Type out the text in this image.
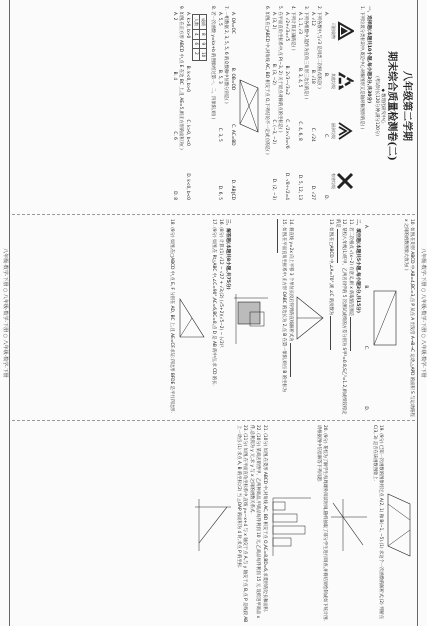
八年级·数学·下册 ○ 八年级·数学·下册 ○ 八年级·数学·下册
八年级·数学·下册 ○ 八年级·数学·下册 ○ 八年级·数学·下册
八年级第二学期
期末综合质量检测卷(二)
◆ 数理化研究中心
(考试时长120分钟,满分120分)
一、选择题(本题共10小题,每小题3分,共30分)
1. 下列垃圾分类标识中,既是中心对称图形又是轴对称图形的是( )
可回收物
其他垃圾
厨余垃圾
有害垃圾
A.
B.
C.
D.
2. 下列各数中,与√3 是同类二次根式的是( )
A. √12
B. √18
C. √24
D. √27
3. 下列各组数中,能作为直角三角形三边长的是( )
A. 1, 1, √3
B. 3, 4, 5
C. 4, 6, 8
D. 5, 12, 13
4. 下列计算正确的是( )
A. √2+√3=√5
B. 2√3−√3=2
C. √2×√3=√6
D. √8÷√2=4
5. 在平面直角坐标系中,点 P(−3, 2) 关于原点对称的点的坐标是( )
A. (3, 2)
B. (3, −2)
C. (−3, −2)
D. (2, −3)
6. 如图,在□ABCD 中,对角线 AC, BD 相交于点 O,下列结论不一定成立的是( )
A. OA=OC
B. OB=OD
C. AC=BD
D. AB∥CD
7. 一组数据 2, 3, 5, 5, 6 的众数和中位数分别是( )
A. 5, 5
B. 5, 3
C. 3, 5
D. 6, 5
8. 若一次函数 y=kx+b 的图象经过第一、二、四象限,则( )
成绩	8	9	10
人数	4	6	2
A. k>0, b>0
B. k<0, b>0
C. k>0, b<0
D. k<0, b<0
9. 如图,在正方形 ABCD 中,点 E 在边 BC 上,且 AE=5,则正方形的面积为( )
A. 2
B. 4
C. 6
D. 8
10. 如图,在矩形 ABCD 中,AB=4,BC=3,点 P 从点 A 出发沿 A→B→C 运动,△APD 的面积 S 与运动路程 x 之间的函数图象大致为( )
A.
B.
C.
D.
二、填空题(本题共5小题,每小题3分,共15分)
11. 若二次根式 √(x−2) 有意义,则 x 的取值范围是
12. 某校八年级(1)班甲、乙两名同学的 5 次测试成绩的方差分别为 S甲²=0.8,S乙²=1.2,则成绩较稳定的是
13. 如图,在□ABCD 中,∠A=70°,则 ∠C 的度数为
14. 将直线 y=2x 向上平移 3 个单位长度后得到的直线解析式为
15. 如图,在平面直角坐标系中,正方形 OABC 的边长为 2,点 B 在第一象限,则点 B 的坐标为
三、解答题(本题共8小题,共75分)
16. (8分) 计算:(1) √12 − √27 + √3;(2) (√5+2)(√5−2) − (√2)².
17. (9分) 如图,在 Rt△ABC 中,∠C=90°,AC=6,BC=8,点 D 是 AB 的中点,求 CD 的长.
18. (9分) 如图,在□ABCD 中,点 E, F 分别在 AD, BC 上,且 AE=CF.求证:四边形 BFDE 是平行四边形.
19. (9分) 已知一次函数的图象经过点 A(2, 1) 和 B(−1, −5).(1) 求这个一次函数的解析式;(2) 判断点 C(3, 3) 是否在该函数图象上.
20. (9分) 某校为了解学生每周课外阅读时间,随机抽取了部分学生进行调查,并将结果绘制成如下统计图.请根据图中信息解答下列问题.
21. (10分) 如图,在菱形 ABCD 中,对角线 AC, BD 相交于点 O,AC=8,BD=6,求菱形的边长和面积.
22. (10分) 某商店销售甲、乙两种商品,甲商品每件利润 10 元,乙商品每件利润 15 元.设购进甲商品 x 件,总利润为 y 元,求 y 与 x 之间的函数关系式.
23. (11分) 如图,在平面直角坐标系中,直线 y=−x+4 与 x 轴交于点 A,与 y 轴交于点 B,点 P 是线段 AB 上一动点.(1) 求点 A, B 的坐标;(2) 当 △OAP 的面积为 4 时,求点 P 的坐标.
